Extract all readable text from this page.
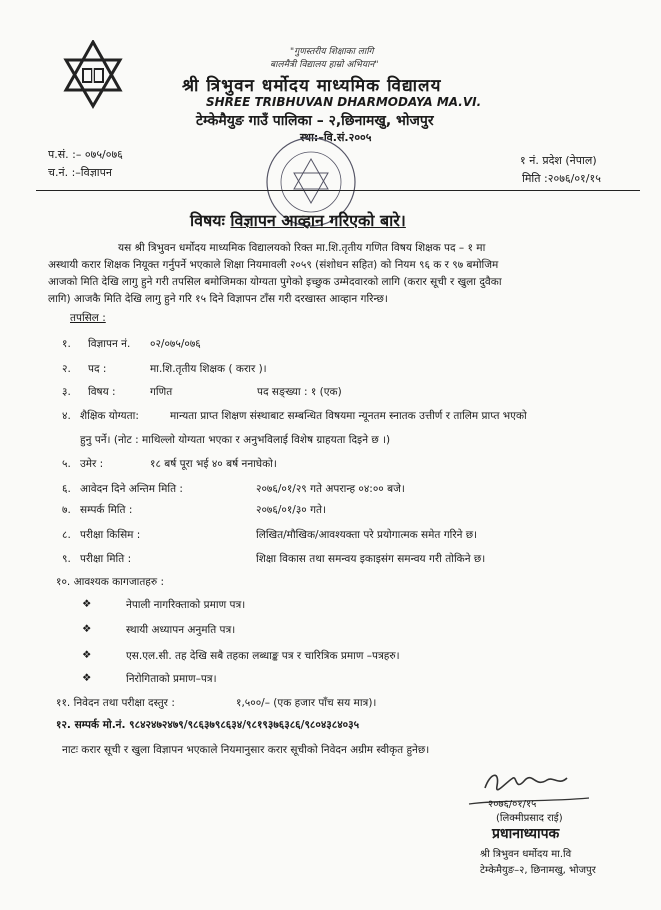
"गुणस्तरीय शिक्षाका लागि
बालमैत्री विद्यालय हाम्रो अभियान"
श्री त्रिभुवन धर्मोदय माध्यमिक विद्यालय
SHREE TRIBHUVAN DHARMODAYA MA.VI.
टेम्केमैयुङ गाउँ पालिका – २,छिनामखु, भोजपुर
स्था:–वि.सं.२००५
प.सं. :– ०७५/०७६
च.नं. :–विज्ञापन
१ नं. प्रदेश (नेपाल)
मिति :२०७६/०१/१५
विषयः विज्ञापन आव्हान गरिएको बारे।
यस श्री त्रिभुवन धर्मोदय माध्यमिक विद्यालयको रिक्त मा.शि.तृतीय गणित विषय शिक्षक पद – १ मा
अस्थायी करार शिक्षक नियूक्त गर्नुपर्ने भएकाले शिक्षा नियमावली २०५९ (संशोधन सहित) को नियम ९६ क र ९७ बमोजिम
आजको मिति देखि लागु हुने गरी तपसिल बमोजिमका योग्यता पुगेको इच्छुक उम्मेदवारको लागि (करार सूची र खुला दुवैका
लागि) आजकै मिति देखि लागु हुने गरि १५ दिने विज्ञापन टाँस गरी दरखास्त आव्हान गरिन्छ।
तपसिल :
१. विज्ञापन नं. ०२/०७५/०७६
२. पद :	मा.शि.तृतीय शिक्षक ( करार )।
३. विषय :	गणित	पद सङ्ख्या : १ (एक)
४. शैक्षिक योग्यता:	मान्यता प्राप्त शिक्षण संस्थाबाट सम्बन्धित विषयमा न्यूनतम स्नातक उत्तीर्ण र तालिम प्राप्त भएको
हुनु पर्ने। (नोट : माथिल्लो योग्यता भएका र अनुभविलाई विशेष ग्राहयता दिइने छ ।)
५. उमेर :	१८ बर्ष पूरा भई ४० बर्ष ननाघेको।
६. आवेदन दिने अन्तिम मिति :	२०७६/०१/२९ गते अपरान्ह ०४:०० बजे।
७. सम्पर्क मिति :	२०७६/०१/३० गते।
८. परीक्षा किसिम :	लिखित/मौखिक/आवश्यक्ता परे प्रयोगात्मक समेत गरिने छ।
९. परीक्षा मिति :	शिक्षा विकास तथा समन्वय इकाइसंग समन्वय गरी तोकिने छ।
१०. आवश्यक कागजातहरु :
❖	नेपाली नागरिक्ताको प्रमाण पत्र।
❖	स्थायी अध्यापन अनुमति पत्र।
❖	एस.एल.सी. तह देखि सबै तहका लब्धाङ्क पत्र र चारित्रिक प्रमाण –पत्रहरु।
❖	निरोगिताको प्रमाण–पत्र।
११. निवेदन तथा परीक्षा दस्तुर :	१,५००/– (एक हजार पाँच सय मात्र)।
१२. सम्पर्क मो.नं. ९८४२४७२४७९/९८६३७९८६३४/९८१९३७६३८६/९८०४३८४०३५
नाटः करार सूची र खुला विज्ञापन भएकाले नियमानुसार करार सूचीको निवेदन अग्रीम स्वीकृत हुनेछ।
२०७६/०१/१५
(लिक्मीप्रसाद राई)
प्रधानाध्यापक
श्री त्रिभुवन धर्मोदय मा.वि
टेम्केमैयुङ–२, छिनामखु, भोजपुर
